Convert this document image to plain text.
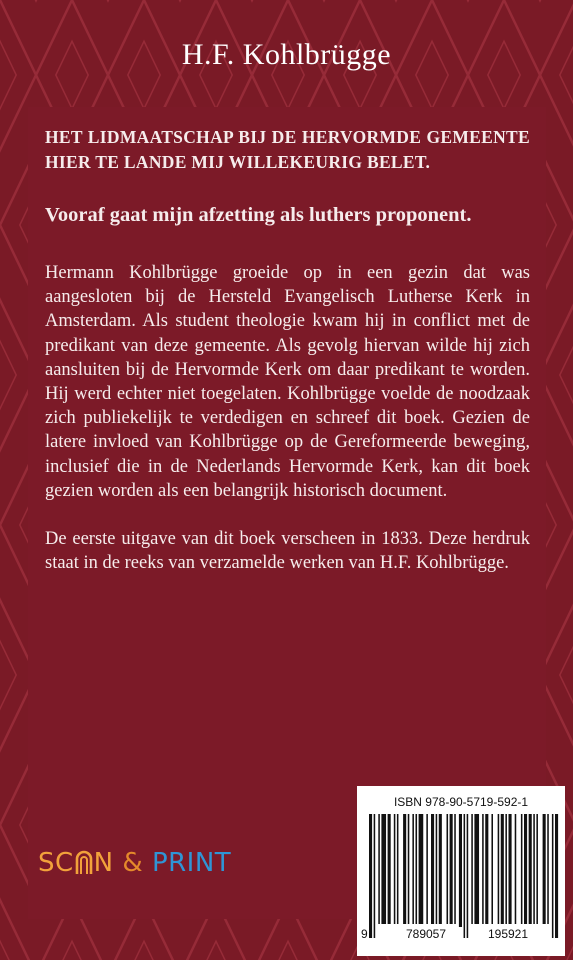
H.F. Kohlbrügge

HET LIDMAATSCHAP BIJ DE HERVORMDE GEMEENTE HIER TE LANDE MIJ WILLEKEURIG BELET.

Vooraf gaat mijn afzetting als luthers proponent.

Hermann Kohlbrügge groeide op in een gezin dat was aangesloten bij de Hersteld Evangelisch Lutherse Kerk in Amsterdam. Als student theologie kwam hij in conflict met de predikant van deze gemeente. Als gevolg hiervan wilde hij zich aansluiten bij de Hervormde Kerk om daar predikant te worden. Hij werd echter niet toegelaten. Kohlbrügge voelde de noodzaak zich publiekelijk te verdedigen en schreef dit boek. Gezien de latere invloed van Kohlbrügge op de Gereformeerde beweging, inclusief die in de Nederlands Hervormde Kerk, kan dit boek gezien worden als een belangrijk historisch document.

De eerste uitgave van dit boek verscheen in 1833. Deze herdruk staat in de reeks van verzamelde werken van H.F. Kohlbrügge.

SC N & PRINT
ISBN 978-90-5719-592-1
9	789057	195921
